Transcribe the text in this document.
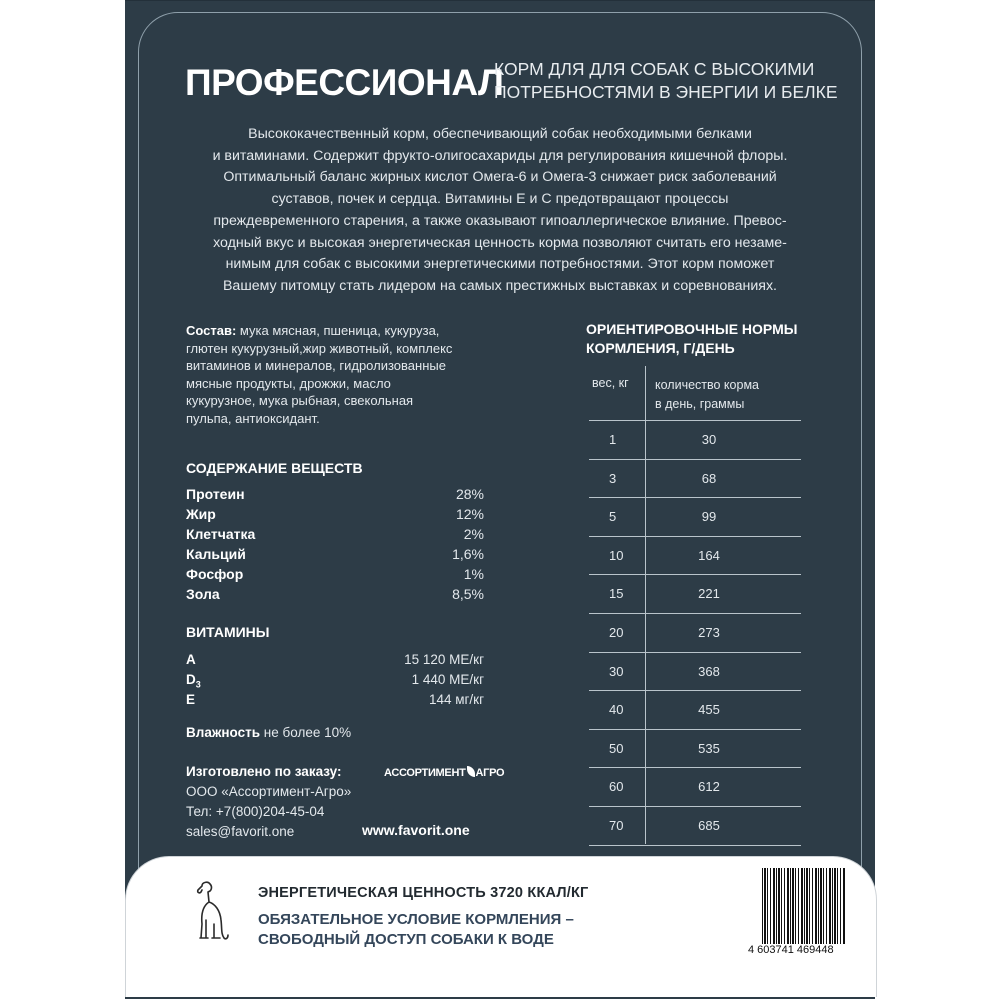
ПРОФЕССИОНАЛ
КОРМ ДЛЯ ДЛЯ СОБАК С ВЫСОКИМИ
ПОТРЕБНОСТЯМИ В ЭНЕРГИИ И БЕЛКЕ
Высококачественный корм, обеспечивающий собак необходимыми белками
и витаминами. Содержит фрукто-олигосахариды для регулирования кишечной флоры.
Оптимальный баланс жирных кислот Омега-6 и Омега-3 снижает риск заболеваний
суставов, почек и сердца. Витамины Е и С предотвращают процессы
преждевременного старения, а также оказывают гипоаллергическое влияние. Превос-
ходный вкус и высокая энергетическая ценность корма позволяют считать его незаме-
нимым для собак с высокими энергетическими потребностями. Этот корм поможет
Вашему питомцу стать лидером на самых престижных выставках и соревнованиях.
Состав: мука мясная, пшеница, кукуруза,
глютен кукурузный,жир животный, комплекс
витаминов и минералов, гидролизованные
мясные продукты, дрожжи, масло
кукурузное, мука рыбная, свекольная
пульпа, антиоксидант.
СОДЕРЖАНИЕ ВЕЩЕСТВ
Протеин	28%
Жир	12%
Клетчатка	2%
Кальций	1,6%
Фосфор	1%
Зола	8,5%
ВИТАМИНЫ
A	15 120 МЕ/кг
$D_3$	1 440 МЕ/кг
E	144 мг/кг
Влажность не более 10%
Изготовлено по заказу:
ООО «Ассортимент-Агро»
Тел: +7(800)204-45-04
sales@favorit.one
АССОРТИМЕНТ АГРО
www.favorit.one
ОРИЕНТИРОВОЧНЫЕ НОРМЫ
КОРМЛЕНИЯ, Г/ДЕНЬ
вес, кг количество корма
в день, граммы
1	30
3	68
5	99
10	164
15	221
20	273
30	368
40	455
50	535
60	612
70	685
ЭНЕРГЕТИЧЕСКАЯ ЦЕННОСТЬ 3720 ККАЛ/КГ
ОБЯЗАТЕЛЬНОЕ УСЛОВИЕ КОРМЛЕНИЯ –
СВОБОДНЫЙ ДОСТУП СОБАКИ К ВОДЕ
4 603741 469448
